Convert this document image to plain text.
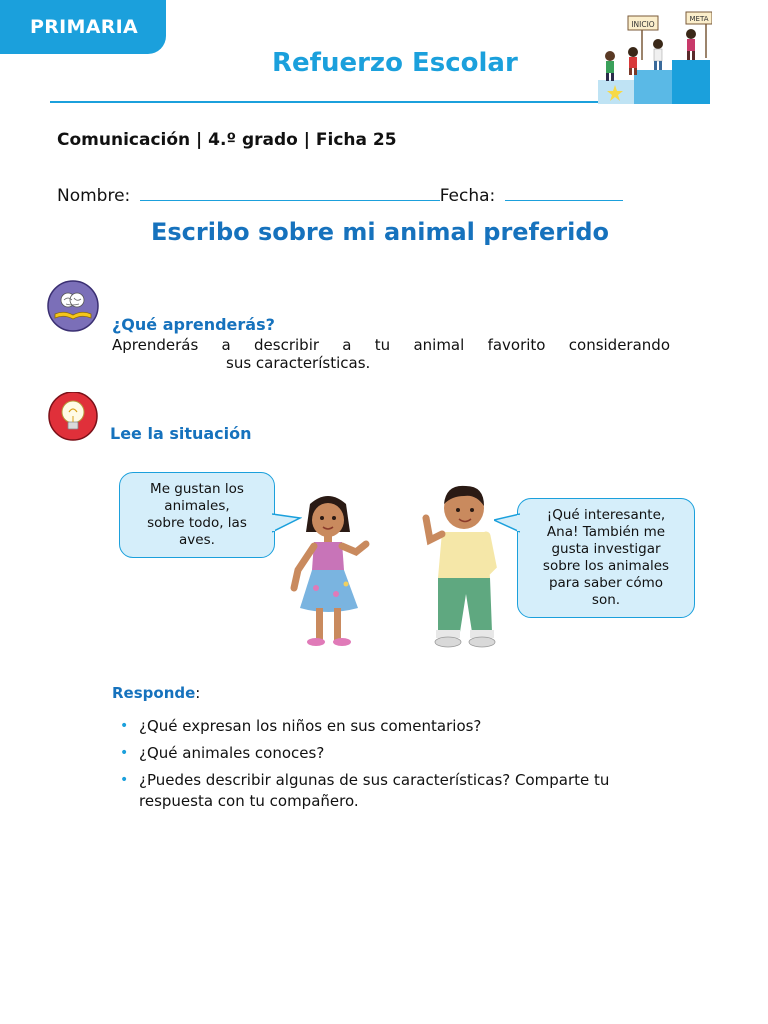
PRIMARIA
Refuerzo Escolar
INICIO
META
Comunicación | 4.º grado | Ficha 25
Nombre:	Fecha:
Escribo sobre mi animal preferido
¿Qué aprenderás?
Aprenderás a describir a tu animal favorito considerando
sus características.
Lee la situación
Me gustan los
animales,
sobre todo, las
aves.
¡Qué interesante,
Ana! También me
gusta investigar
sobre los animales
para saber cómo
son.
Responde:
• ¿Qué expresan los niños en sus comentarios?
• ¿Qué animales conoces?
• ¿Puedes describir algunas de sus características? Comparte tu respuesta con tu compañero.
